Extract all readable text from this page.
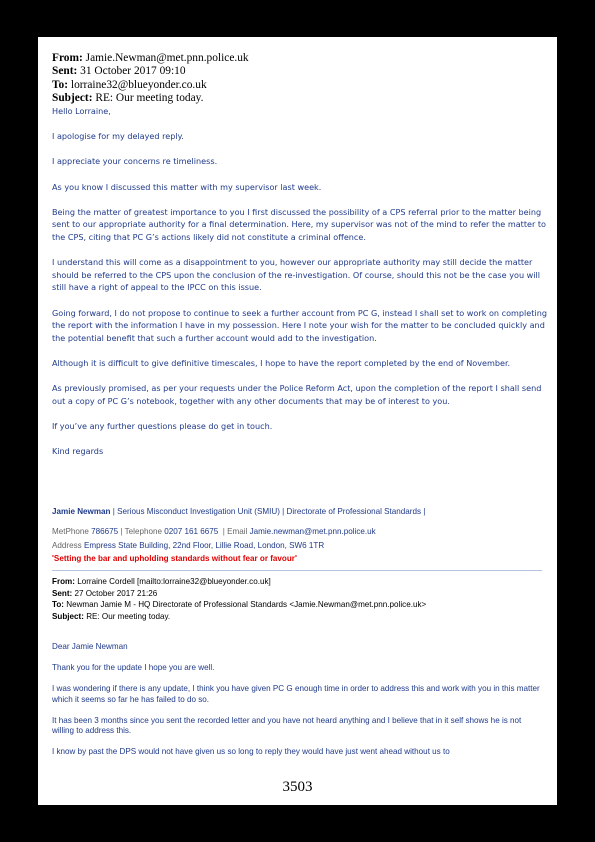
From: Jamie.Newman@met.pnn.police.uk
Sent: 31 October 2017 09:10
To: lorraine32@blueyonder.co.uk
Subject: RE: Our meeting today.

Hello Lorraine,

I apologise for my delayed reply.

I appreciate your concerns re timeliness.

As you know I discussed this matter with my supervisor last week.

Being the matter of greatest importance to you I first discussed the possibility of a CPS referral prior to the matter being sent to our appropriate authority for a final determination. Here, my supervisor was not of the mind to refer the matter to the CPS, citing that PC G’s actions likely did not constitute a criminal offence.

I understand this will come as a disappointment to you, however our appropriate authority may still decide the matter should be referred to the CPS upon the conclusion of the re-investigation. Of course, should this not be the case you will still have a right of appeal to the IPCC on this issue.

Going forward, I do not propose to continue to seek a further account from PC G, instead I shall set to work on completing the report with the information I have in my possession. Here I note your wish for the matter to be concluded quickly and the potential benefit that such a further account would add to the investigation.

Although it is difficult to give definitive timescales, I hope to have the report completed by the end of November.

As previously promised, as per your requests under the Police Reform Act, upon the completion of the report I shall send out a copy of PC G’s notebook, together with any other documents that may be of interest to you.

If you’ve any further questions please do get in touch.

Kind regards

Jamie Newman | Serious Misconduct Investigation Unit (SMIU) | Directorate of Professional Standards |
MetPhone 786675 | Telephone 0207 161 6675 | Email Jamie.newman@met.pnn.police.uk
Address Empress State Building, 22nd Floor, Lillie Road, London, SW6 1TR
'Setting the bar and upholding standards without fear or favour'
From: Lorraine Cordell [mailto:lorraine32@blueyonder.co.uk]
Sent: 27 October 2017 21:26
To: Newman Jamie M - HQ Directorate of Professional Standards <Jamie.Newman@met.pnn.police.uk>
Subject: RE: Our meeting today.

Dear Jamie Newman

Thank you for the update I hope you are well.

I was wondering if there is any update, I think you have given PC G enough time in order to address this and work with you in this matter which it seems so far he has failed to do so.

It has been 3 months since you sent the recorded letter and you have not heard anything and I believe that in it self shows he is not willing to address this.

I know by past the DPS would not have given us so long to reply they would have just went ahead without us to

3503
